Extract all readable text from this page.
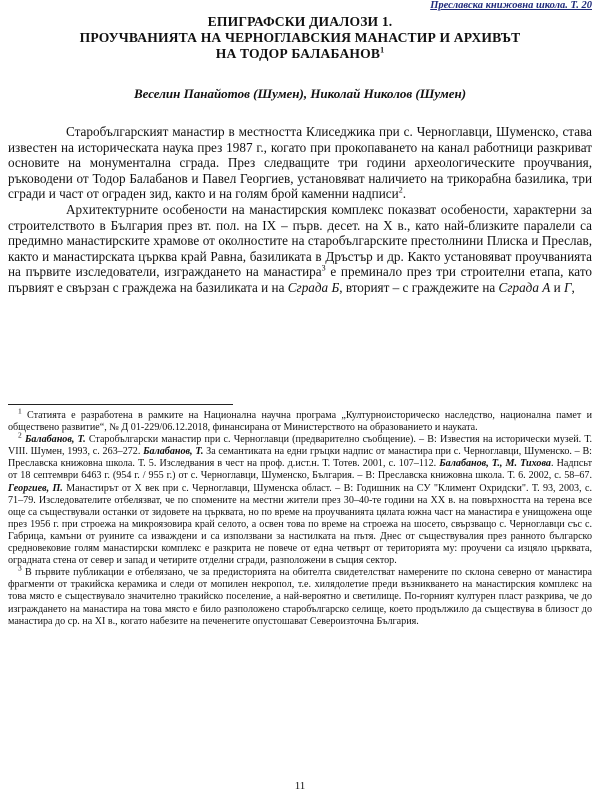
Преславска книжовна школа. Т. 20
ЕПИГРАФСКИ ДИАЛОЗИ 1.
ПРОУЧВАНИЯТА НА ЧЕРНОГЛАВСКИЯ МАНАСТИР И АРХИВЪТ
НА ТОДОР БАЛАБАНОВ$^1$
Веселин Панайотов (Шумен), Николай Николов (Шумен)

Старобългарският манастир в местността Клиседжика при с. Черноглавци, Шуменско, става известен на историческата наука през 1987 г., когато при прокопаването на канал работници разкриват основите на монументална сграда. През следващите три години археологическите проучвания, ръководени от Тодор Балабанов и Павел Георгиев, установяват наличието на трикорабна базилика, три сгради и част от ограден зид, както и на голям брой каменни надписи$^2$.

Архитектурните особености на манастирския комплекс показват особености, характерни за строителството в България през вт. пол. на IX – първ. десет. на X в., като най-близките паралели са предимно манастирските храмове от околностите на старобългарските престолнини Плиска и Преслав, както и манастирската църква край Равна, базиликата в Дръстър и др. Както установяват проучванията на първите изследователи, изграждането на манастира$^3$ е преминало през три строителни етапа, като първият е свързан с граждежа на базиликата и на Сграда Б, вторият – с граждежите на Сграда А и Г,

$^1$ Статията е разработена в рамките на Национална научна програма „Културноисторическо наследство, национална памет и обществено развитие“, № Д 01-229/06.12.2018, финансирана от Министерството на образованието и науката.

$^2$ Балабанов, Т. Старобългарски манастир при с. Черноглавци (предварително съобщение). – В: Известия на исторически музей. Т. VIII. Шумен, 1993, с. 263–272. Балабанов, Т. За семантиката на едни гръцки надпис от манастира при с. Черноглавци, Шуменско. – В: Преславска книжовна школа. Т. 5. Изследвания в чест на проф. д.ист.н. Т. Тотев. 2001, с. 107–112. Балабанов, Т., М. Тихова. Надпсьт от 18 септември 6463 г. (954 г. / 955 г.) от с. Черноглавци, Шуменско, България. – В: Преславска книжовна школа. Т. 6. 2002, с. 58–67. Георгиев, П. Манастирът от X век при с. Черноглавци, Шуменска област. – В: Годишник на СУ "Климент Охридски". Т. 93, 2003, с. 71–79. Изследователите отбелязват, че по спомените на местни жители през 30–40-те години на XX в. на повърхността на терена все още са съществували останки от зидовете на църквата, но по време на проучванията цялата южна част на манастира е унищожена още през 1956 г. при строежа на микроязовира край селото, а освен това по време на строежа на шосето, свързващо с. Черноглавци със с. Габрица, камъни от руините са изваждени и са използвани за настилката на пътя. Днес от съществувалия през ранното българско средновековие голям манастирски комплекс е разкрита не повече от една четвърт от територията му: проучени са изцяло църквата, оградната стена от север и запад и четирите отделни сгради, разположени в същия сектор.

$^3$ В първите публикации е отбелязано, че за предисторията на обителта свидетелстват намерените по склона северно от манастира фрагменти от тракийска керамика и следи от мопилен некропол, т.е. хилядолетие преди възникването на манастирския комплекс на това място е съществувало значително тракийско поселение, а най-вероятно и светилище. По-горният културен пласт разкрива, че до изграждането на манастира на това място е било разположено старобългарско селище, което продължило да съществува в близост до манастира до ср. на XI в., когато набезите на печенегите опустошават Североизточна България.

11
